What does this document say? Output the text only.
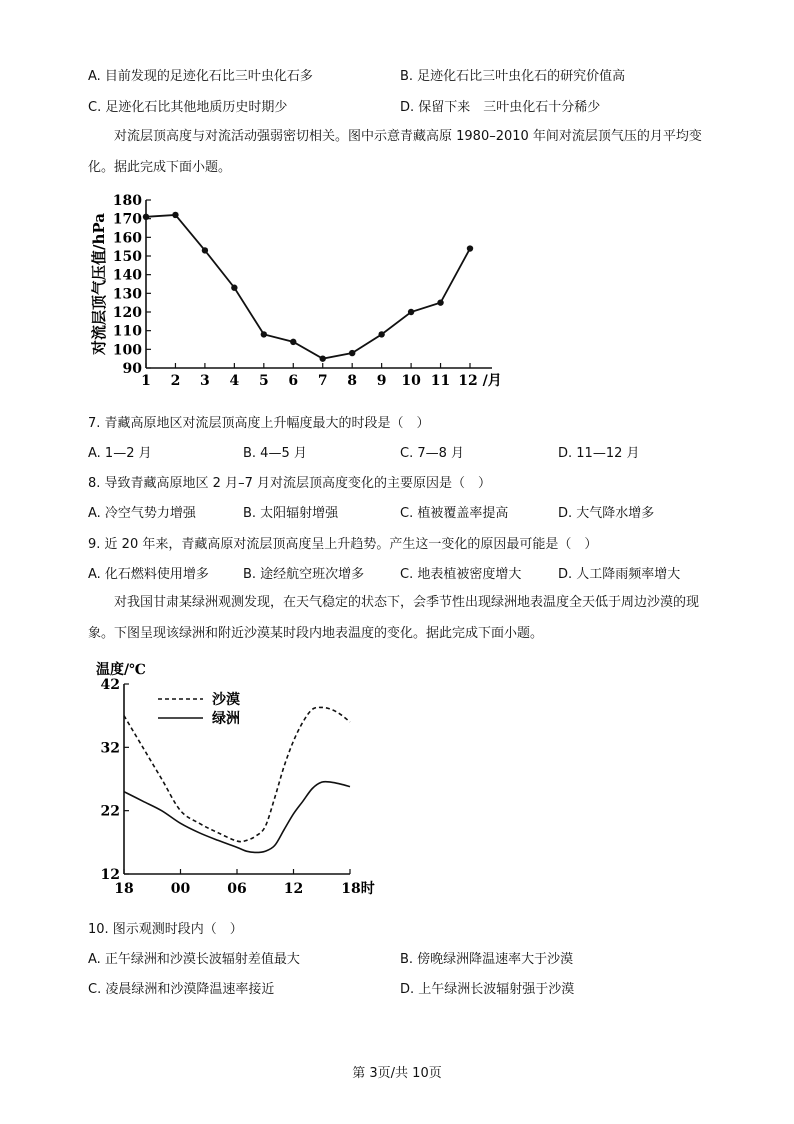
A. 目前发现的足迹化石比三叶虫化石多	B. 足迹化石比三叶虫化石的研究价值高
C. 足迹化石比其他地质历史时期少	D. 保留下来　三叶虫化石十分稀少
对流层顶高度与对流活动强弱密切相关。图中示意青藏高原 1980–2010 年间对流层顶气压的月平均变化。据此完成下面小题。
90
100
110
120
130
140
150
160
170
180
1 2 3 4 5 6 7 8 9 10 11 12 /月
对流层顶气压值/hPa
7. 青藏高原地区对流层顶高度上升幅度最大的时段是（　）
A. 1—2 月	B. 4—5 月	C. 7—8 月	D. 11—12 月
8. 导致青藏高原地区 2 月–7 月对流层顶高度变化的主要原因是（　）
A. 冷空气势力增强	B. 太阳辐射增强	C. 植被覆盖率提高	D. 大气降水增多
9. 近 20 年来，青藏高原对流层顶高度呈上升趋势。产生这一变化的原因最可能是（　）
A. 化石燃料使用增多	B. 途经航空班次增多	C. 地表植被密度增大	D. 人工降雨频率增大
对我国甘肃某绿洲观测发现，在天气稳定的状态下，会季节性出现绿洲地表温度全天低于周边沙漠的现象。下图呈现该绿洲和附近沙漠某时段内地表温度的变化。据此完成下面小题。
温度/℃
12
22
32
42
18	00	06	12	18时
沙漠
绿洲
10. 图示观测时段内（　）
A. 正午绿洲和沙漠长波辐射差值最大	B. 傍晚绿洲降温速率大于沙漠
C. 凌晨绿洲和沙漠降温速率接近	D. 上午绿洲长波辐射强于沙漠
第 3页/共 10页
